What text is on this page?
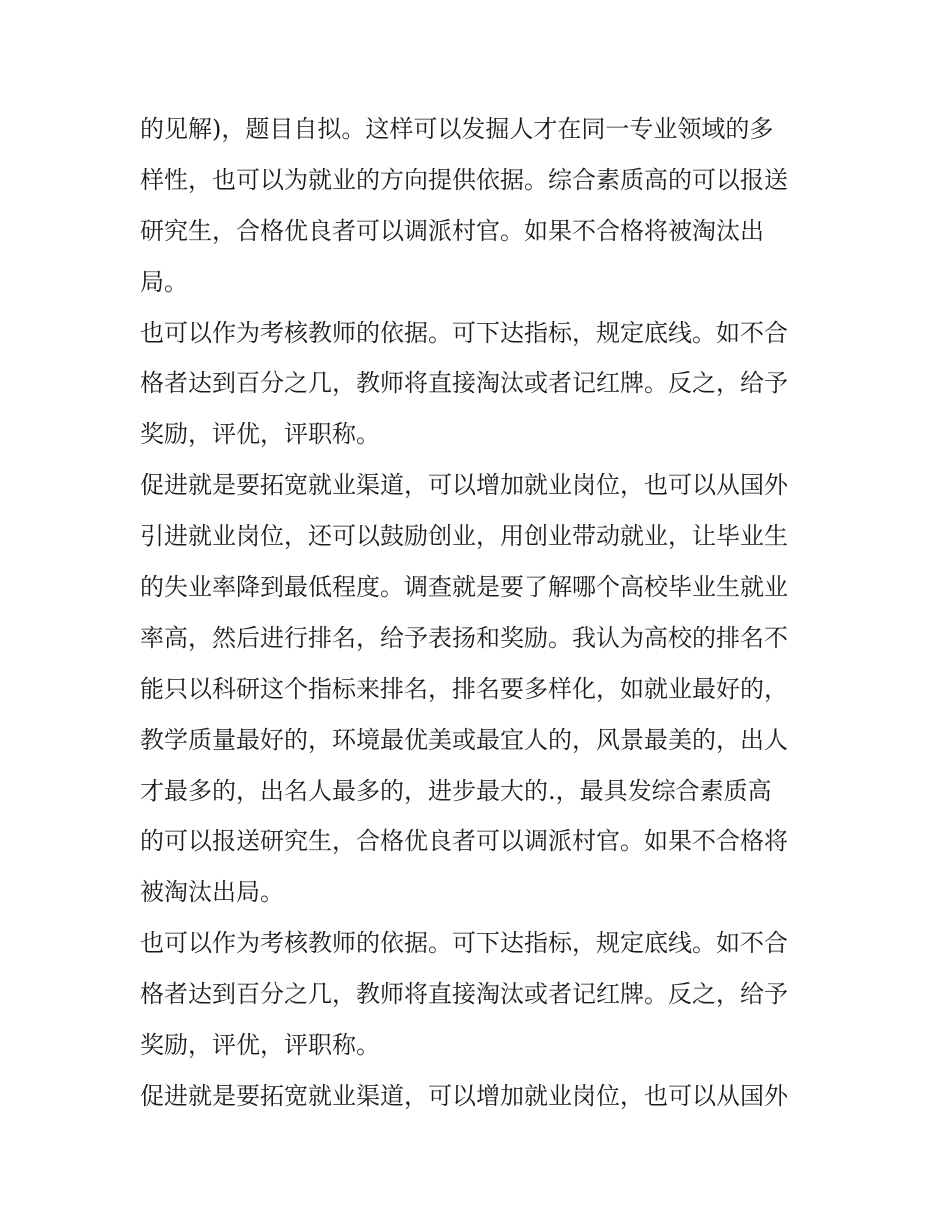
的见解)，题目自拟。这样可以发掘人才在同一专业领域的多
样性，也可以为就业的方向提供依据。综合素质高的可以报送
研究生，合格优良者可以调派村官。如果不合格将被淘汰出
局。
也可以作为考核教师的依据。可下达指标，规定底线。如不合
格者达到百分之几，教师将直接淘汰或者记红牌。反之，给予
奖励，评优，评职称。
促进就是要拓宽就业渠道，可以增加就业岗位，也可以从国外
引进就业岗位，还可以鼓励创业，用创业带动就业，让毕业生
的失业率降到最低程度。调查就是要了解哪个高校毕业生就业
率高，然后进行排名，给予表扬和奖励。我认为高校的排名不
能只以科研这个指标来排名，排名要多样化，如就业最好的，
教学质量最好的，环境最优美或最宜人的，风景最美的，出人
才最多的，出名人最多的，进步最大的.，最具发综合素质高
的可以报送研究生，合格优良者可以调派村官。如果不合格将
被淘汰出局。
也可以作为考核教师的依据。可下达指标，规定底线。如不合
格者达到百分之几，教师将直接淘汰或者记红牌。反之，给予
奖励，评优，评职称。
促进就是要拓宽就业渠道，可以增加就业岗位，也可以从国外
